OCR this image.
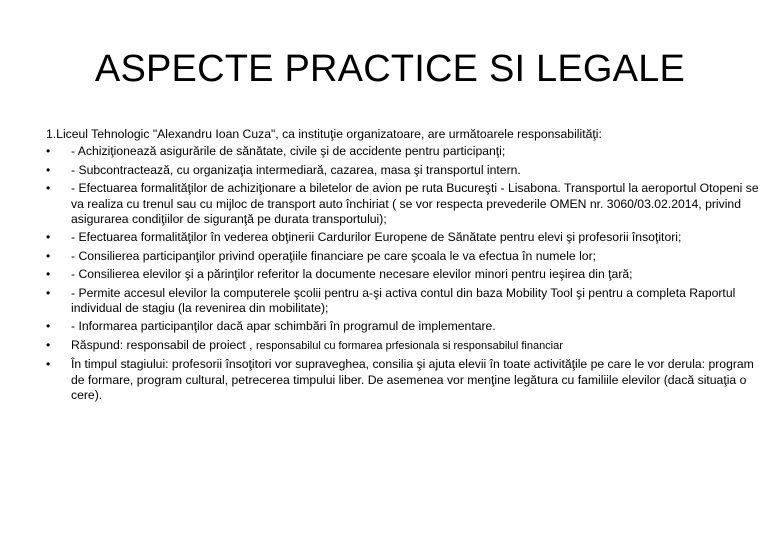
ASPECTE PRACTICE SI LEGALE

1.Liceul Tehnologic "Alexandru Ioan Cuza", ca instituţie organizatoare, are următoarele responsabilităţi:

• - Achiziţionează asigurările de sănătate, civile şi de accidente pentru participanţi;
• - Subcontractează, cu organizaţia intermediară, cazarea, masa şi transportul intern.
• - Efectuarea formalităţilor de achiziţionare a biletelor de avion pe ruta Bucureşti - Lisabona. Transportul la aeroportul Otopeni se va realiza cu trenul sau cu mijloc de transport auto închiriat ( se vor respecta prevederile OMEN nr. 3060/03.02.2014, privind asigurarea condiţiilor de siguranţă pe durata transportului);
• - Efectuarea formalităţilor în vederea obţinerii Cardurilor Europene de Sănătate pentru elevi şi profesorii însoţitori;
• - Consilierea participanţilor privind operaţiile financiare pe care şcoala le va efectua în numele lor;
• - Consilierea elevilor şi a părinţilor referitor la documente necesare elevilor minori pentru ieşirea din ţară;
• - Permite accesul elevilor la computerele şcolii pentru a-şi activa contul din baza Mobility Tool şi pentru a completa Raportul individual de stagiu (la revenirea din mobilitate);
• - Informarea participanţilor dacă apar schimbări în programul de implementare.
• Răspund: responsabil de proiect , responsabilul cu formarea prfesionala si responsabilul financiar
• În timpul stagiului: profesorii însoţitori vor supraveghea, consilia şi ajuta elevii în toate activităţile pe care le vor derula: program de formare, program cultural, petrecerea timpului liber. De asemenea vor menţine legătura cu familiile elevilor (dacă situaţia o cere).
